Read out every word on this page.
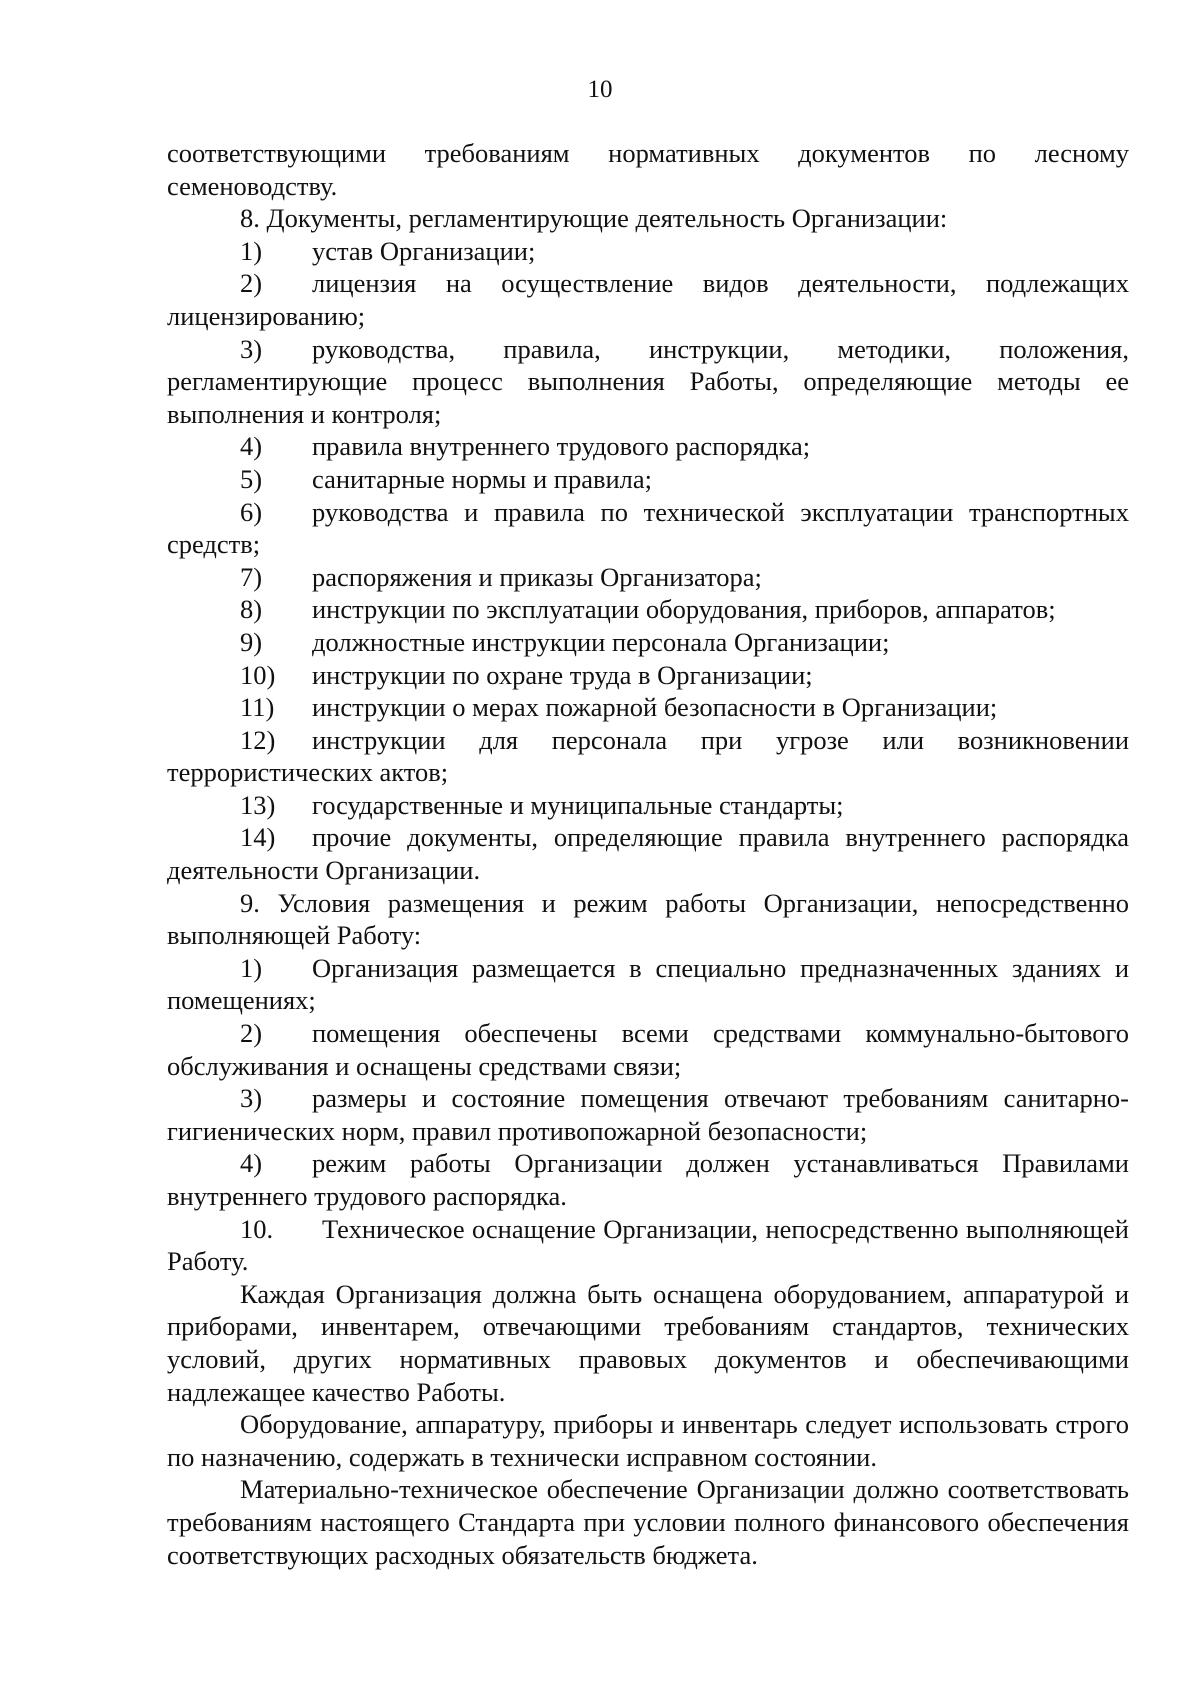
10

соответствующими требованиям нормативных документов по лесному семеноводству.

8. Документы, регламентирующие деятельность Организации:

1) устав Организации;

2) лицензия на осуществление видов деятельности, подлежащих лицензированию;

3) руководства, правила, инструкции, методики, положения, регламентирующие процесс выполнения Работы, определяющие методы ее выполнения и контроля;

4) правила внутреннего трудового распорядка;

5) санитарные нормы и правила;

6) руководства и правила по технической эксплуатации транспортных средств;

7) распоряжения и приказы Организатора;

8) инструкции по эксплуатации оборудования, приборов, аппаратов;

9) должностные инструкции персонала Организации;

10) инструкции по охране труда в Организации;

11) инструкции о мерах пожарной безопасности в Организации;

12) инструкции для персонала при угрозе или возникновении террористических актов;

13) государственные и муниципальные стандарты;

14) прочие документы, определяющие правила внутреннего распорядка деятельности Организации.

9. Условия размещения и режим работы Организации, непосредственно выполняющей Работу:

1) Организация размещается в специально предназначенных зданиях и помещениях;

2) помещения обеспечены всеми средствами коммунально-бытового обслуживания и оснащены средствами связи;

3) размеры и состояние помещения отвечают требованиям санитарно-гигиенических норм, правил противопожарной безопасности;

4) режим работы Организации должен устанавливаться Правилами внутреннего трудового распорядка.

10. Техническое оснащение Организации, непосредственно выполняющей Работу.

Каждая Организация должна быть оснащена оборудованием, аппаратурой и приборами, инвентарем, отвечающими требованиям стандартов, технических условий, других нормативных правовых документов и обеспечивающими надлежащее качество Работы.

Оборудование, аппаратуру, приборы и инвентарь следует использовать строго по назначению, содержать в технически исправном состоянии.

Материально-техническое обеспечение Организации должно соответствовать требованиям настоящего Стандарта при условии полного финансового обеспечения соответствующих расходных обязательств бюджета.
